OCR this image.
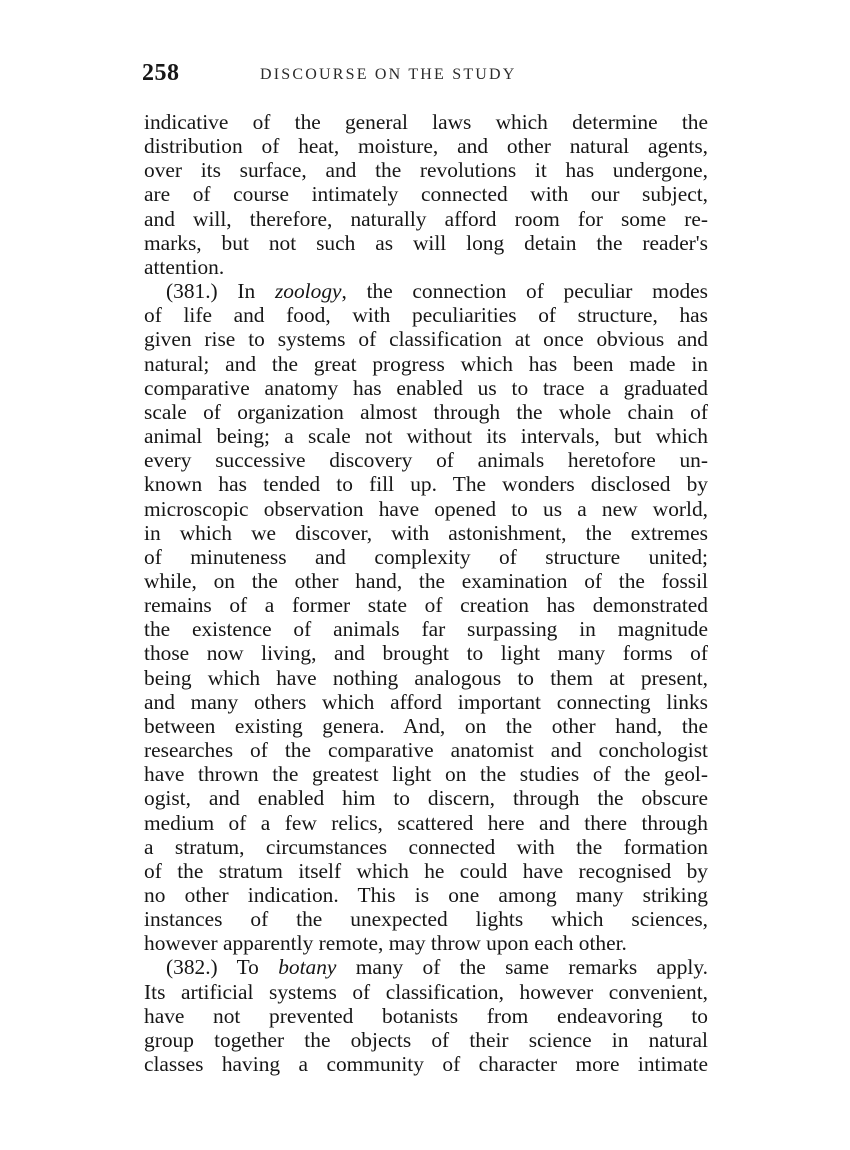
258	DISCOURSE ON THE STUDY
indicative of the general laws which determine the
distribution of heat, moisture, and other natural agents,
over its surface, and the revolutions it has undergone,
are of course intimately connected with our subject,
and will, therefore, naturally afford room for some re-
marks, but not such as will long detain the reader's
attention.
(381.) In zoology, the connection of peculiar modes
of life and food, with peculiarities of structure, has
given rise to systems of classification at once obvious and
natural; and the great progress which has been made in
comparative anatomy has enabled us to trace a graduated
scale of organization almost through the whole chain of
animal being; a scale not without its intervals, but which
every successive discovery of animals heretofore un-
known has tended to fill up. The wonders disclosed by
microscopic observation have opened to us a new world,
in which we discover, with astonishment, the extremes
of minuteness and complexity of structure united;
while, on the other hand, the examination of the fossil
remains of a former state of creation has demonstrated
the existence of animals far surpassing in magnitude
those now living, and brought to light many forms of
being which have nothing analogous to them at present,
and many others which afford important connecting links
between existing genera. And, on the other hand, the
researches of the comparative anatomist and conchologist
have thrown the greatest light on the studies of the geol-
ogist, and enabled him to discern, through the obscure
medium of a few relics, scattered here and there through
a stratum, circumstances connected with the formation
of the stratum itself which he could have recognised by
no other indication. This is one among many striking
instances of the unexpected lights which sciences,
however apparently remote, may throw upon each other.
(382.) To botany many of the same remarks apply.
Its artificial systems of classification, however convenient,
have not prevented botanists from endeavoring to
group together the objects of their science in natural
classes having a community of character more intimate
